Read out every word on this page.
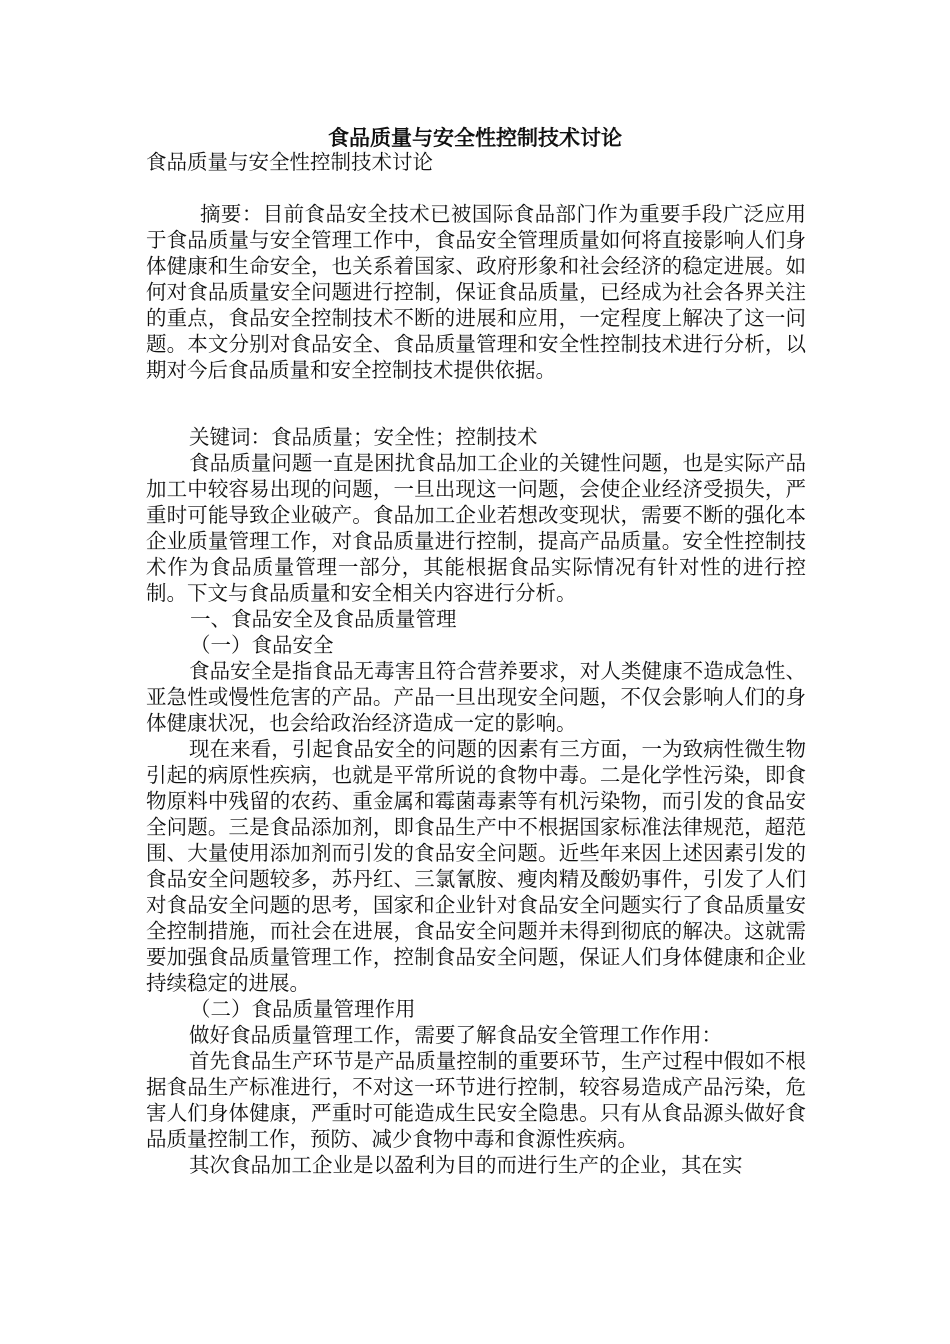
食品质量与安全性控制技术讨论

食品质量与安全性控制技术讨论

摘要：目前食品安全技术已被国际食品部门作为重要手段广泛应用于食品质量与安全管理工作中，食品安全管理质量如何将直接影响人们身体健康和生命安全，也关系着国家、政府形象和社会经济的稳定进展。如何对食品质量安全问题进行控制，保证食品质量，已经成为社会各界关注的重点，食品安全控制技术不断的进展和应用，一定程度上解决了这一问题。本文分别对食品安全、食品质量管理和安全性控制技术进行分析，以期对今后食品质量和安全控制技术提供依据。

关键词：食品质量；安全性；控制技术

食品质量问题一直是困扰食品加工企业的关键性问题，也是实际产品加工中较容易出现的问题，一旦出现这一问题，会使企业经济受损失，严重时可能导致企业破产。食品加工企业若想改变现状，需要不断的强化本企业质量管理工作，对食品质量进行控制，提高产品质量。安全性控制技术作为食品质量管理一部分，其能根据食品实际情况有针对性的进行控制。下文与食品质量和安全相关内容进行分析。

一、食品安全及食品质量管理

（一）食品安全

食品安全是指食品无毒害且符合营养要求，对人类健康不造成急性、亚急性或慢性危害的产品。产品一旦出现安全问题，不仅会影响人们的身体健康状况，也会给政治经济造成一定的影响。

现在来看，引起食品安全的问题的因素有三方面，一为致病性微生物引起的病原性疾病，也就是平常所说的食物中毒。二是化学性污染，即食物原料中残留的农药、重金属和霉菌毒素等有机污染物，而引发的食品安全问题。三是食品添加剂，即食品生产中不根据国家标准法律规范，超范围、大量使用添加剂而引发的食品安全问题。近些年来因上述因素引发的食品安全问题较多，苏丹红、三氯氰胺、瘦肉精及酸奶事件，引发了人们对食品安全问题的思考，国家和企业针对食品安全问题实行了食品质量安全控制措施，而社会在进展，食品安全问题并未得到彻底的解决。这就需要加强食品质量管理工作，控制食品安全问题，保证人们身体健康和企业持续稳定的进展。

（二）食品质量管理作用

做好食品质量管理工作，需要了解食品安全管理工作作用：

首先食品生产环节是产品质量控制的重要环节，生产过程中假如不根据食品生产标准进行，不对这一环节进行控制，较容易造成产品污染，危害人们身体健康，严重时可能造成生民安全隐患。只有从食品源头做好食品质量控制工作，预防、减少食物中毒和食源性疾病。

其次食品加工企业是以盈利为目的而进行生产的企业，其在实
